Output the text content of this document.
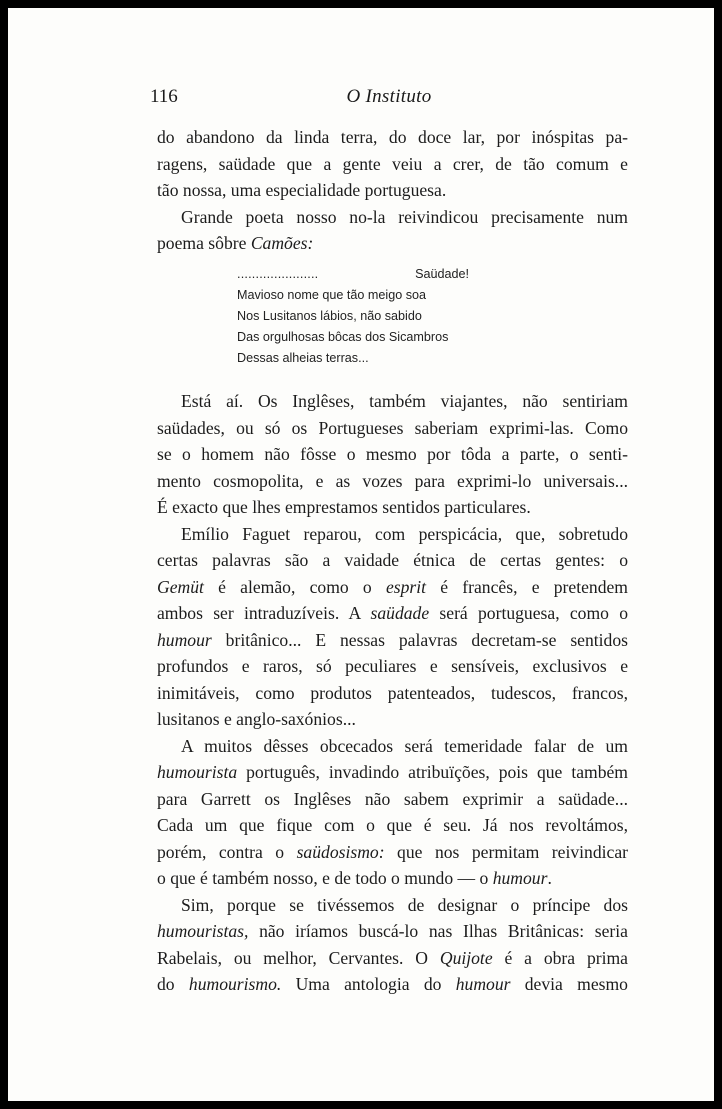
116	O Instituto
do abandono da linda terra, do doce lar, por inóspitas pa-
ragens, saüdade que a gente veiu a crer, de tão comum e
tão nossa, uma especialidade portuguesa.
Grande poeta nosso no-la reivindicou precisamente num
poema sôbre Camões:
......................	Saüdade!
Mavioso nome que tão meigo soa
Nos Lusitanos lábios, não sabido
Das orgulhosas bôcas dos Sicambros
Dessas alheias terras...
Está aí. Os Inglêses, também viajantes, não sentiriam
saüdades, ou só os Portugueses saberiam exprimi-las. Como
se o homem não fôsse o mesmo por tôda a parte, o senti-
mento cosmopolita, e as vozes para exprimi-lo universais...
É exacto que lhes emprestamos sentidos particulares.
Emílio Faguet reparou, com perspicácia, que, sobretudo
certas palavras são a vaidade étnica de certas gentes: o
Gemüt é alemão, como o esprit é francês, e pretendem
ambos ser intraduzíveis. A saüdade será portuguesa, como o
humour britânico... E nessas palavras decretam-se sentidos
profundos e raros, só peculiares e sensíveis, exclusivos e
inimitáveis, como produtos patenteados, tudescos, francos,
lusitanos e anglo-saxónios...
A muitos dêsses obcecados será temeridade falar de um
humourista português, invadindo atribuïções, pois que também
para Garrett os Inglêses não sabem exprimir a saüdade...
Cada um que fique com o que é seu. Já nos revoltámos,
porém, contra o saüdosismo: que nos permitam reivindicar
o que é também nosso, e de todo o mundo — o humour.
Sim, porque se tivéssemos de designar o príncipe dos
humouristas, não iríamos buscá-lo nas Ilhas Britânicas: seria
Rabelais, ou melhor, Cervantes. O Quijote é a obra prima
do humourismo. Uma antologia do humour devia mesmo
